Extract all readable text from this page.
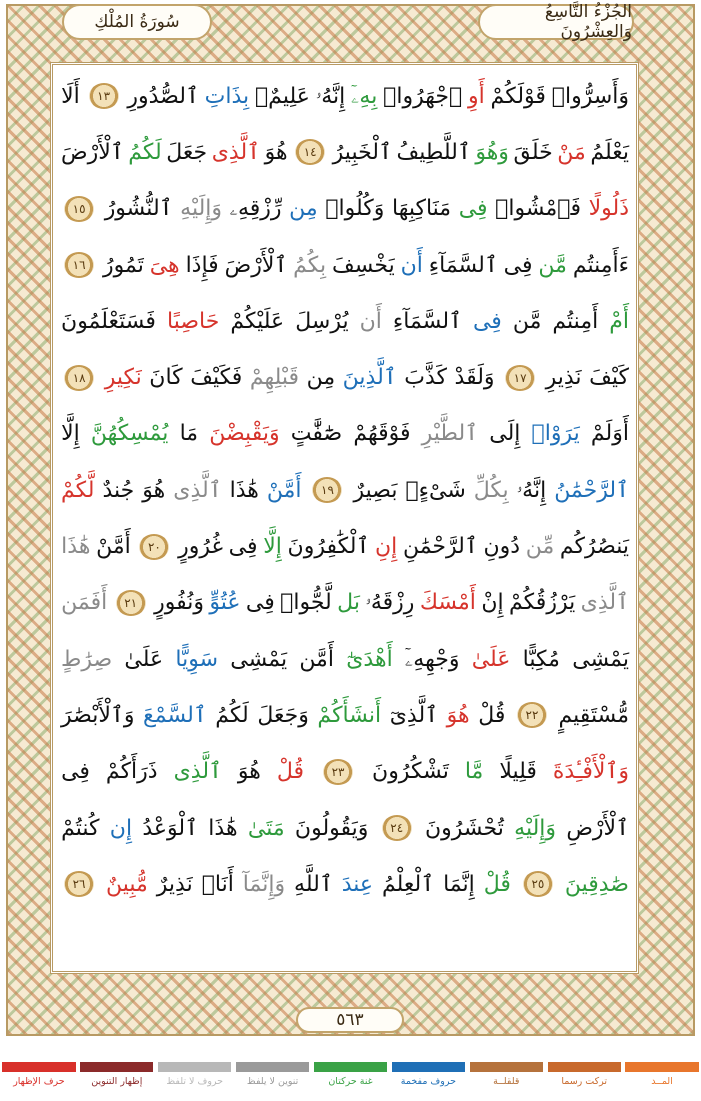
الجُزْءُ التَّاسِعُ وَالعِشْرُونَ
سُورَةُ المُلْكِ
وَأَسِرُّوا۟
قَوْلَكُمْ
أَوِ
ٱجْهَرُوا۟
بِهِۦٓ
إِنَّهُۥ
عَلِيمٌۢ
بِذَاتِ
ٱلصُّدُورِ
١٣
أَلَا
يَعْلَمُ
مَنْ
خَلَقَ
وَهُوَ
ٱللَّطِيفُ
ٱلْخَبِيرُ
١٤
هُوَ
ٱلَّذِى
جَعَلَ
لَكُمُ
ٱلْأَرْضَ
ذَلُولًا
فَٱمْشُوا۟
فِى
مَنَاكِبِهَا
وَكُلُوا۟
مِن
رِّزْقِهِۦ
وَإِلَيْهِ
ٱلنُّشُورُ
١٥
ءَأَمِنتُم
مَّن
فِى
ٱلسَّمَآءِ
أَن
يَخْسِفَ
بِكُمُ
ٱلْأَرْضَ
فَإِذَا
هِىَ
تَمُورُ
١٦
أَمْ
أَمِنتُم
مَّن
فِى
ٱلسَّمَآءِ
أَن
يُرْسِلَ
عَلَيْكُمْ
حَاصِبًا
فَسَتَعْلَمُونَ
كَيْفَ
نَذِيرِ
١٧
وَلَقَدْ
كَذَّبَ
ٱلَّذِينَ
مِن
قَبْلِهِمْ
فَكَيْفَ
كَانَ
نَكِيرِ
١٨
أَوَلَمْ
يَرَوْا۟
إِلَى
ٱلطَّيْرِ
فَوْقَهُمْ
صَٰٓفَّٰتٍ
وَيَقْبِضْنَ
مَا
يُمْسِكُهُنَّ
إِلَّا
ٱلرَّحْمَٰنُ
إِنَّهُۥ
بِكُلِّ
شَىْءٍۭ
بَصِيرٌ
١٩
أَمَّنْ
هَٰذَا
ٱلَّذِى
هُوَ
جُندٌ
لَّكُمْ
يَنصُرُكُم
مِّن
دُونِ
ٱلرَّحْمَٰنِ
إِنِ
ٱلْكَٰفِرُونَ
إِلَّا
فِى
غُرُورٍ
٢٠
أَمَّنْ
هَٰذَا
ٱلَّذِى
يَرْزُقُكُمْ
إِنْ
أَمْسَكَ
رِزْقَهُۥ
بَل
لَّجُّوا۟
فِى
عُتُوٍّ
وَنُفُورٍ
٢١
أَفَمَن
يَمْشِى
مُكِبًّا
عَلَىٰ
وَجْهِهِۦٓ
أَهْدَىٰٓ
أَمَّن
يَمْشِى
سَوِيًّا
عَلَىٰ
صِرَٰطٍ
مُّسْتَقِيمٍ
٢٢
قُلْ
هُوَ
ٱلَّذِىٓ
أَنشَأَكُمْ
وَجَعَلَ
لَكُمُ
ٱلسَّمْعَ
وَٱلْأَبْصَٰرَ
وَٱلْأَفْـِٔدَةَ
قَلِيلًا
مَّا
تَشْكُرُونَ
٢٣
قُلْ
هُوَ
ٱلَّذِى
ذَرَأَكُمْ
فِى
ٱلْأَرْضِ
وَإِلَيْهِ
تُحْشَرُونَ
٢٤
وَيَقُولُونَ
مَتَىٰ
هَٰذَا
ٱلْوَعْدُ
إِن
كُنتُمْ
صَٰدِقِينَ
٢٥
قُلْ
إِنَّمَا
ٱلْعِلْمُ
عِندَ
ٱللَّهِ
وَإِنَّمَآ
أَنَا۠
نَذِيرٌ
مُّبِينٌ
٢٦
٥٦٣
المــد
تركت رسما
قلقلــة
حروف مفخمة
غنة حركتان
تنوين لا يلفظ
حروف لا تلفظ
إظهار التنوين
حرف الإظهار
